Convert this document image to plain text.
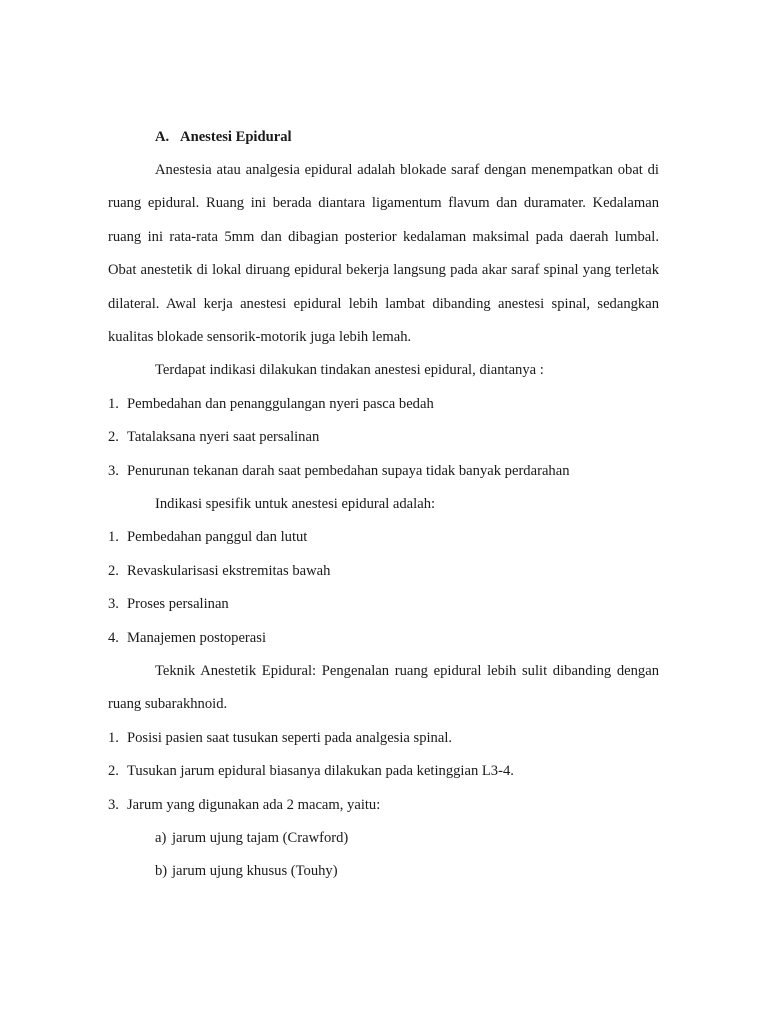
A. Anestesi Epidural

Anestesia atau analgesia epidural adalah blokade saraf dengan menempatkan obat di ruang epidural. Ruang ini berada diantara ligamentum flavum dan duramater. Kedalaman ruang ini rata-rata 5mm dan dibagian posterior kedalaman maksimal pada daerah lumbal. Obat anestetik di lokal diruang epidural bekerja langsung pada akar saraf spinal yang terletak dilateral. Awal kerja anestesi epidural lebih lambat dibanding anestesi spinal, sedangkan kualitas blokade sensorik-motorik juga lebih lemah.

Terdapat indikasi dilakukan tindakan anestesi epidural, diantanya :
1. Pembedahan dan penanggulangan nyeri pasca bedah
2. Tatalaksana nyeri saat persalinan
3. Penurunan tekanan darah saat pembedahan supaya tidak banyak perdarahan
Indikasi spesifik untuk anestesi epidural adalah:
1. Pembedahan panggul dan lutut
2. Revaskularisasi ekstremitas bawah
3. Proses persalinan
4. Manajemen postoperasi

Teknik Anestetik Epidural: Pengenalan ruang epidural lebih sulit dibanding dengan ruang subarakhnoid.

1. Posisi pasien saat tusukan seperti pada analgesia spinal.
2. Tusukan jarum epidural biasanya dilakukan pada ketinggian L3-4.
3. Jarum yang digunakan ada 2 macam, yaitu:
a) jarum ujung tajam (Crawford)
b) jarum ujung khusus (Touhy)
